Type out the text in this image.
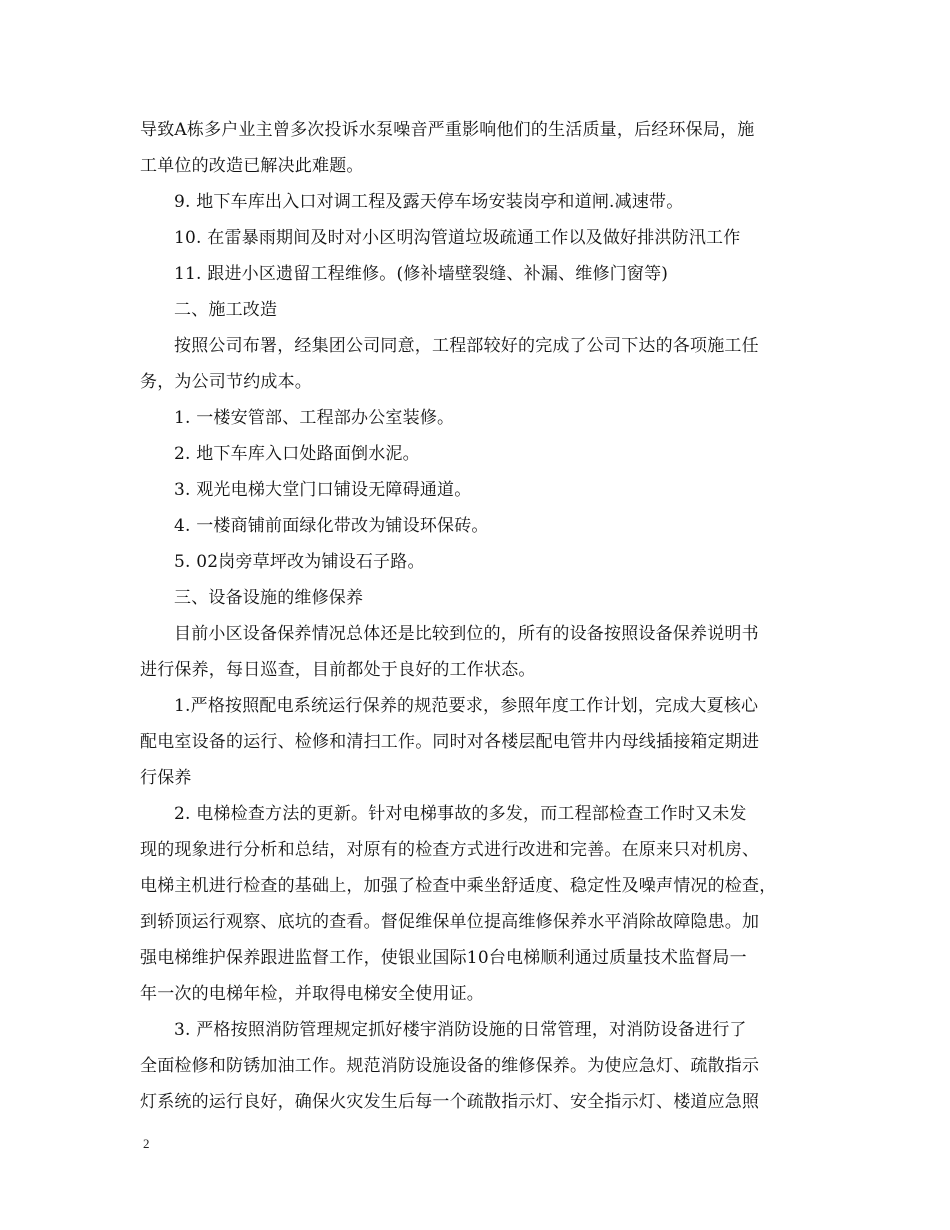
导致A栋多户业主曾多次投诉水泵噪音严重影响他们的生活质量，后经环保局，施
工单位的改造已解决此难题。
9. 地下车库出入口对调工程及露天停车场安装岗亭和道闸.减速带。
10. 在雷暴雨期间及时对小区明沟管道垃圾疏通工作以及做好排洪防汛工作
11. 跟进小区遗留工程维修。(修补墙壁裂缝、补漏、维修门窗等)
二、施工改造
按照公司布署，经集团公司同意，工程部较好的完成了公司下达的各项施工任
务，为公司节约成本。
1. 一楼安管部、工程部办公室装修。
2. 地下车库入口处路面倒水泥。
3. 观光电梯大堂门口铺设无障碍通道。
4. 一楼商铺前面绿化带改为铺设环保砖。
5. 02岗旁草坪改为铺设石子路。
三、设备设施的维修保养
目前小区设备保养情况总体还是比较到位的，所有的设备按照设备保养说明书
进行保养，每日巡查，目前都处于良好的工作状态。
1.严格按照配电系统运行保养的规范要求，参照年度工作计划，完成大夏核心
配电室设备的运行、检修和清扫工作。同时对各楼层配电管井内母线插接箱定期进
行保养
2. 电梯检查方法的更新。针对电梯事故的多发，而工程部检查工作时又未发
现的现象进行分析和总结，对原有的检查方式进行改进和完善。在原来只对机房、
电梯主机进行检查的基础上，加强了检查中乘坐舒适度、稳定性及噪声情况的检查，
到轿顶运行观察、底坑的查看。督促维保单位提高维修保养水平消除故障隐患。加
强电梯维护保养跟进监督工作，使银业国际10台电梯顺利通过质量技术监督局一
年一次的电梯年检，并取得电梯安全使用证。
3. 严格按照消防管理规定抓好楼宇消防设施的日常管理，对消防设备进行了
全面检修和防锈加油工作。规范消防设施设备的维修保养。为使应急灯、疏散指示
灯系统的运行良好，确保火灾发生后每一个疏散指示灯、安全指示灯、楼道应急照
2
